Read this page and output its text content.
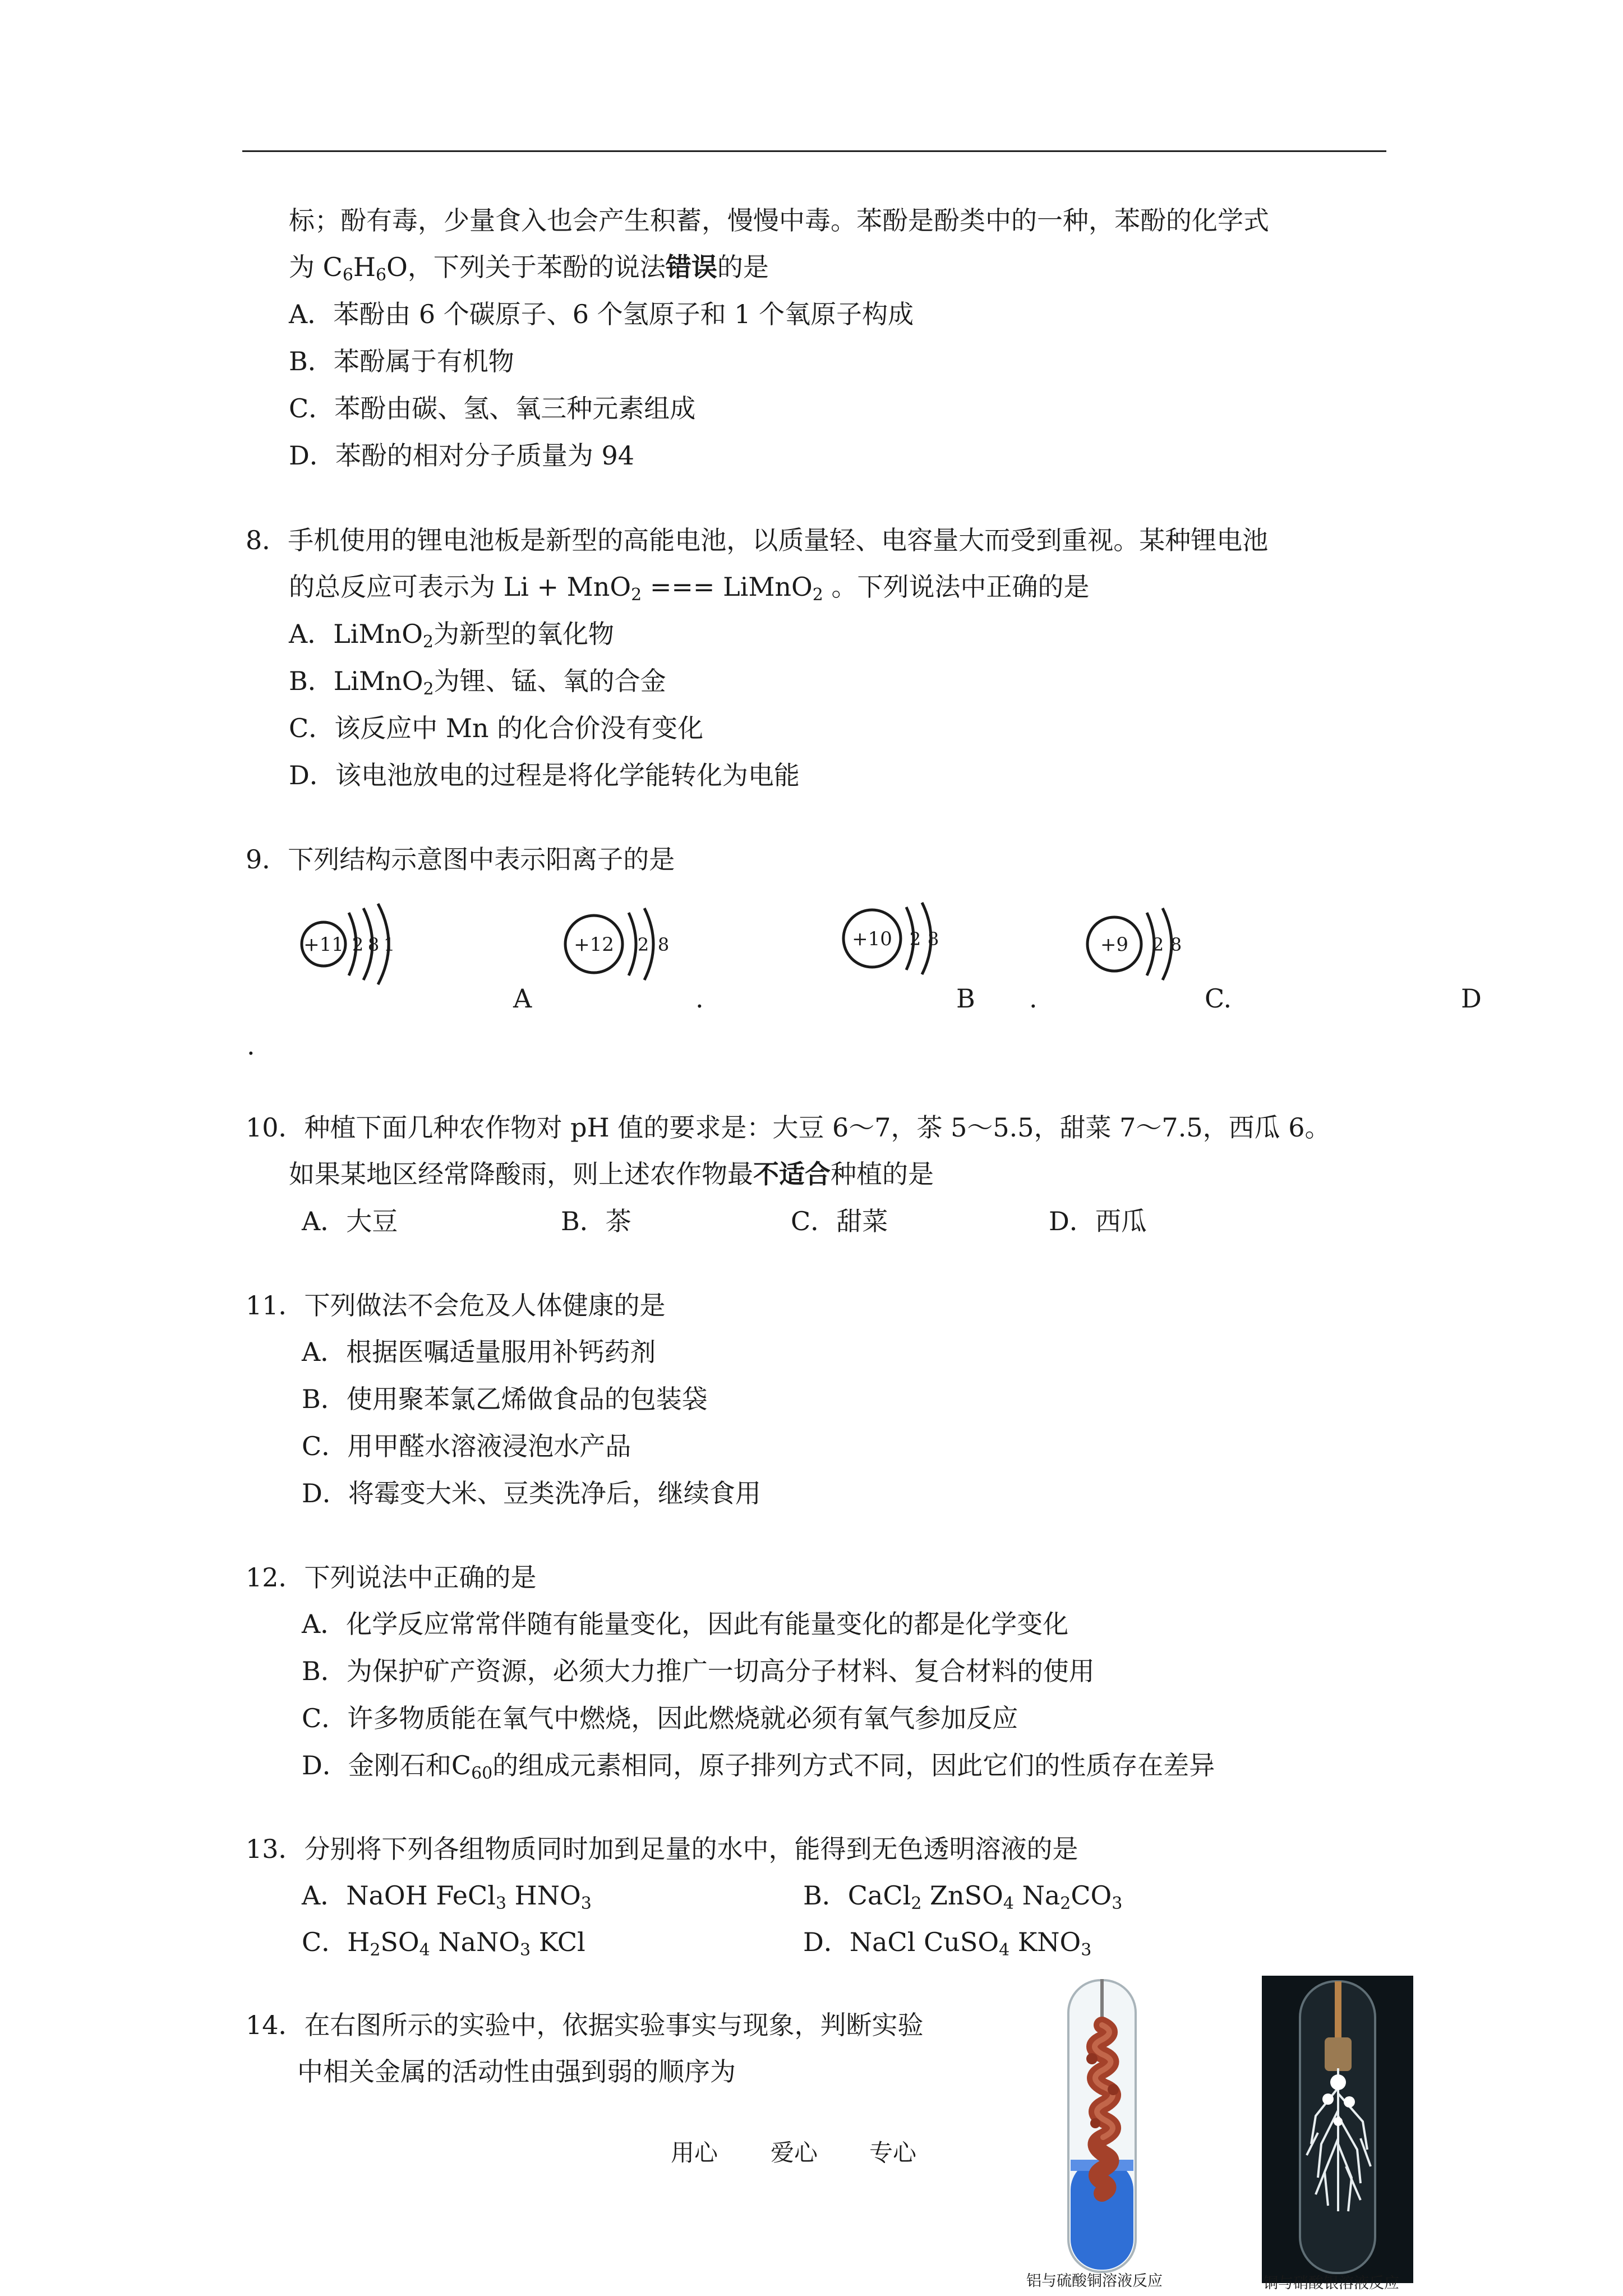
标；酚有毒，少量食入也会产生积蓄，慢慢中毒。苯酚是酚类中的一种，苯酚的化学式
为 $C_6H_6O$，下列关于苯酚的说法错误的是
A．苯酚由 6 个碳原子、6 个氢原子和 1 个氧原子构成
B．苯酚属于有机物
C．苯酚由碳、氢、氧三种元素组成
D．苯酚的相对分子质量为 94
8．手机使用的锂电池板是新型的高能电池，以质量轻、电容量大而受到重视。某种锂电池
的总反应可表示为 Li + MnO$_2$ === LiMnO$_2$ 。下列说法中正确的是
A．LiMnO$_2$为新型的氧化物
B．LiMnO$_2$为锂、锰、氧的合金
C．该反应中 Mn 的化合价没有变化
D．该电池放电的过程是将化学能转化为电能
9．下列结构示意图中表示阳离子的是
+11 2 8 1	+12 2 8	+10 2 8	+9 2 8
A	.	B .	C.	D
.
10．种植下面几种农作物对 pH 值的要求是：大豆 6～7，茶 5～5.5，甜菜 7～7.5，西瓜 6。
如果某地区经常降酸雨，则上述农作物最不适合种植的是
A．大豆	B．茶	C．甜菜	D．西瓜
11．下列做法不会危及人体健康的是
A．根据医嘱适量服用补钙药剂
B．使用聚苯氯乙烯做食品的包装袋
C．用甲醛水溶液浸泡水产品
D．将霉变大米、豆类洗净后，继续食用
12．下列说法中正确的是
A．化学反应常常伴随有能量变化，因此有能量变化的都是化学变化
B．为保护矿产资源，必须大力推广一切高分子材料、复合材料的使用
C．许多物质能在氧气中燃烧，因此燃烧就必须有氧气参加反应
D．金刚石和$C_{60}$的组成元素相同，原子排列方式不同，因此它们的性质存在差异
13．分别将下列各组物质同时加到足量的水中，能得到无色透明溶液的是
A．NaOH FeCl$_3$ $HNO_3$	B．CaCl$_2$ ZnSO$_4$ $Na_2CO_3$
C．$H_2SO_4$ NaNO$_3$ KCl	D．NaCl CuSO$_4$ $KNO_3$
14．在右图所示的实验中，依据实验事实与现象，判断实验
中相关金属的活动性由强到弱的顺序为
铝与硫酸铜溶液反应	铜与硝酸银溶液反应
用心 爱心 专心
